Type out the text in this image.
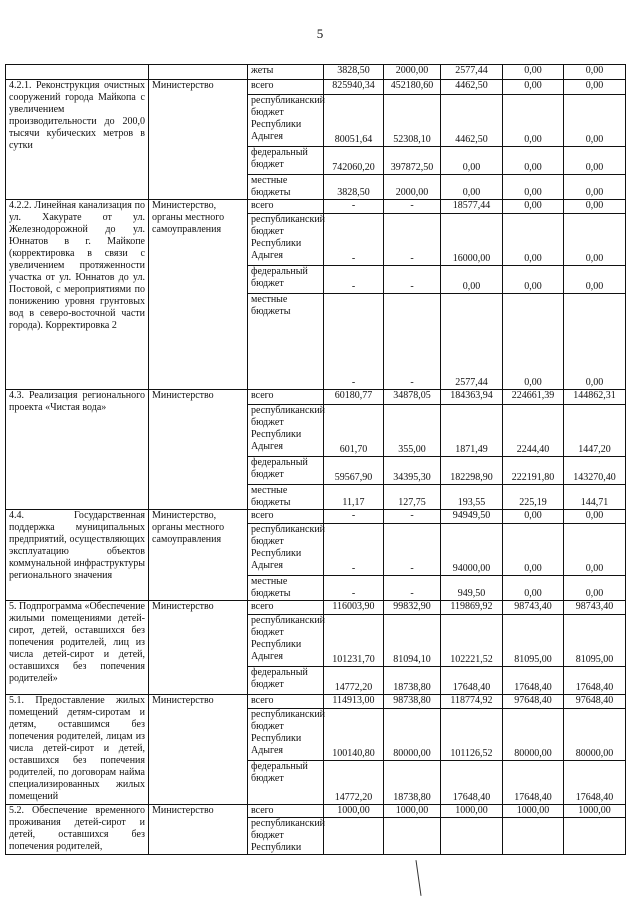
5
		жеты	3828,50	2000,00	2577,44	0,00	0,00
4.2.1. Реконструкция очистных сооружений города Майкопа с увеличением производительности до 200,0 тысячи кубических метров в сутки	Министерство	всего	825940,34	452180,60	4462,50	0,00	0,00
		республиканский бюджет Республики Адыгея	80051,64	52308,10	4462,50	0,00	0,00
		федеральный бюджет	742060,20	397872,50	0,00	0,00	0,00
		местные бюджеты	3828,50	2000,00	0,00	0,00	0,00
4.2.2. Линейная канализация по ул. Хакурате от ул. Железнодорожной до ул. Юннатов в г. Майкопе (корректировка в связи с увеличением протяженности участка от ул. Юннатов до ул. Постовой, с мероприятиями по понижению уровня грунтовых вод в северо-восточной части города). Корректировка 2	Министерство, органы местного самоуправления	всего	-	-	18577,44	0,00	0,00
		республиканский бюджет Республики Адыгея	-	-	16000,00	0,00	0,00
		федеральный бюджет	-	-	0,00	0,00	0,00
		местные бюджеты	-	-	2577,44	0,00	0,00
4.3. Реализация регионального проекта «Чистая вода»	Министерство	всего	60180,77	34878,05	184363,94	224661,39	144862,31
		республиканский бюджет Республики Адыгея	601,70	355,00	1871,49	2244,40	1447,20
		федеральный бюджет	59567,90	34395,30	182298,90	222191,80	143270,40
		местные бюджеты	11,17	127,75	193,55	225,19	144,71
4.4. Государственная поддержка муниципальных предприятий, осуществляющих эксплуатацию объектов коммунальной инфраструктуры регионального значения	Министерство, органы местного самоуправления	всего	-	-	94949,50	0,00	0,00
		республиканский бюджет Республики Адыгея	-	-	94000,00	0,00	0,00
		местные бюджеты	-	-	949,50	0,00	0,00
5. Подпрограмма «Обеспечение жилыми помещениями детей-сирот, детей, оставшихся без попечения родителей, лиц из числа детей-сирот и детей, оставшихся без попечения родителей»	Министерство	всего	116003,90	99832,90	119869,92	98743,40	98743,40
		республиканский бюджет Республики Адыгея	101231,70	81094,10	102221,52	81095,00	81095,00
		федеральный бюджет	14772,20	18738,80	17648,40	17648,40	17648,40
5.1. Предоставление жилых помещений детям-сиротам и детям, оставшимся без попечения родителей, лицам из числа детей-сирот и детей, оставшихся без попечения родителей, по договорам найма специализированных жилых помещений	Министерство	всего	114913,00	98738,80	118774,92	97648,40	97648,40
		республиканский бюджет Республики Адыгея	100140,80	80000,00	101126,52	80000,00	80000,00
		федеральный бюджет	14772,20	18738,80	17648,40	17648,40	17648,40
5.2. Обеспечение временного проживания детей-сирот и детей, оставшихся без попечения родителей,	Министерство	всего	1000,00	1000,00	1000,00	1000,00	1000,00
		республиканский бюджет Республики					
